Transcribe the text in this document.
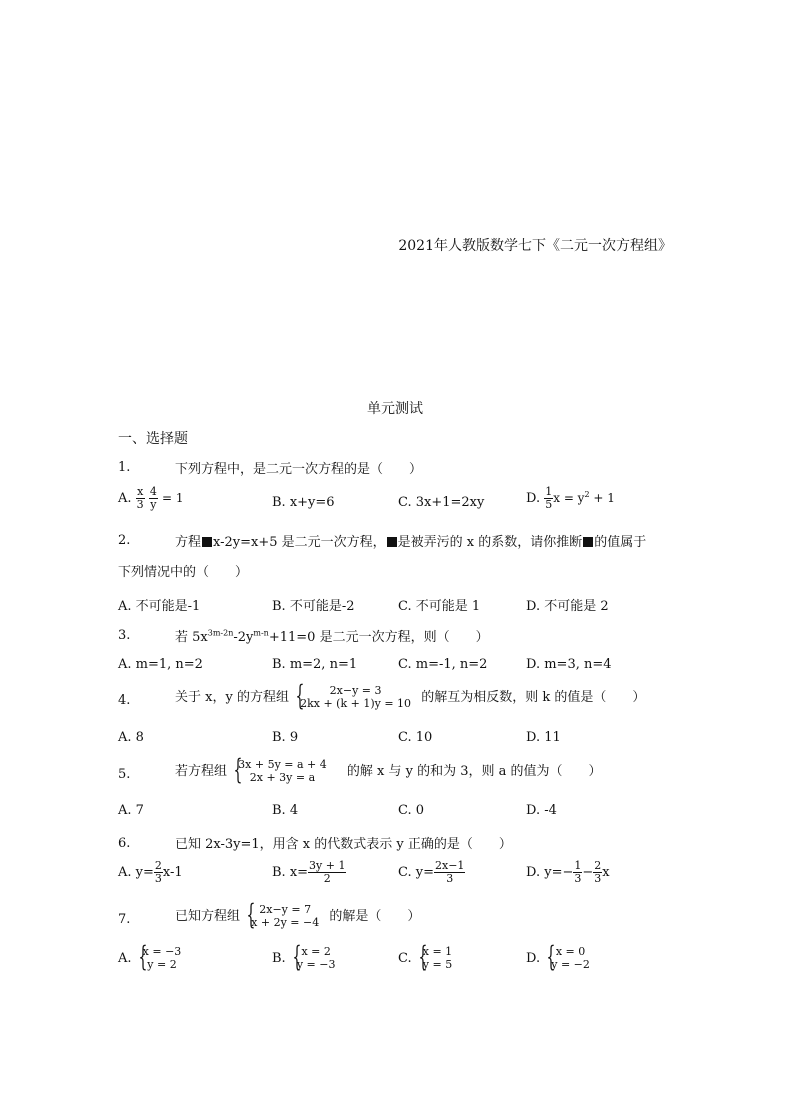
2021年人教版数学七下《二元一次方程组》
单元测试
一、选择题
1.	下列方程中，是二元一次方程的是（　　）
A. $\frac{x}{3}$
$\frac{4}{y} = 1$	B. x+y=6	C. 3x+1=2xy	D. $\frac{1}{5}$ $x = y^2 + 1$
2.	方程 x-2y=x+5 是二元一次方程， 是被弄污的 x 的系数，请你推断 的值属于
下列情况中的（　　）
A. 不可能是-1	B. 不可能是-2	C. 不可能是 1	D. 不可能是 2
3.	若 $5x^{3m-2n}-2y^{m-n}+11=0$ 是二元一次方程，则（　　）
A. m=1, n=2	B. m=2, n=1	C. m=-1, n=2	D. m=3, n=4
4.	关于 x，y 的方程组	{ 2x−y = 3
2kx + (k + 1)y = 10 的解互为相反数，则 k 的值是（　　）
A. 8	B. 9	C. 10	D. 11
5.	若方程组 { 3x + 5y = a + 4
2x + 3y = a	的解 x 与 y 的和为 3，则 a 的值为（　　）
A. 7	B. 4	C. 0	D. -4
6.	已知 2x-3y=1，用含 x 的代数式表示 y 正确的是（　　）
A. $y= \frac{2}{3} x-1$	B. $x= \frac{3y + 1}{2}$	C. $y= \frac{2x-1}{3}$	D. $y=- \frac{1}{3} - \frac{2}{3}$ x
7.	已知方程组	{ 2x−y = 7
x + 2y = −4 的解是（　　）
A. { x = −3
y = 2	B.	{ x = 2
y = −3	C. { x = 1
y = 5	D.	{ x = 0
y = −2
